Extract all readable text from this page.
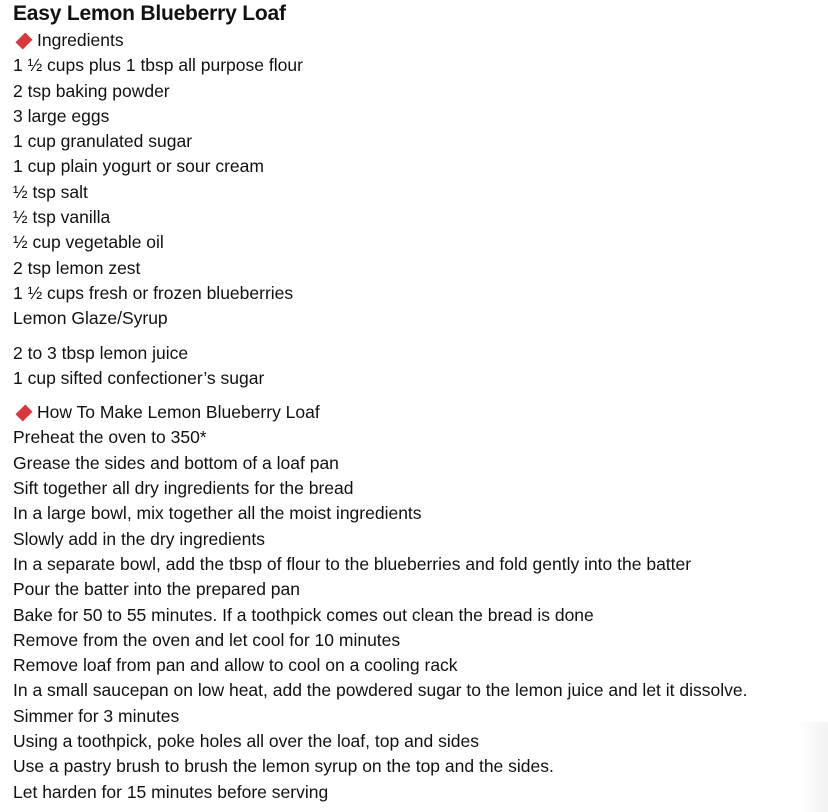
Easy Lemon Blueberry Loaf
Ingredients
1 ½ cups plus 1 tbsp all purpose flour
2 tsp baking powder
3 large eggs
1 cup granulated sugar
1 cup plain yogurt or sour cream
½ tsp salt
½ tsp vanilla
½ cup vegetable oil
2 tsp lemon zest
1 ½ cups fresh or frozen blueberries
Lemon Glaze/Syrup
2 to 3 tbsp lemon juice
1 cup sifted confectioner’s sugar
How To Make Lemon Blueberry Loaf
Preheat the oven to 350*
Grease the sides and bottom of a loaf pan
Sift together all dry ingredients for the bread
In a large bowl, mix together all the moist ingredients
Slowly add in the dry ingredients
In a separate bowl, add the tbsp of flour to the blueberries and fold gently into the batter
Pour the batter into the prepared pan
Bake for 50 to 55 minutes. If a toothpick comes out clean the bread is done
Remove from the oven and let cool for 10 minutes
Remove loaf from pan and allow to cool on a cooling rack
In a small saucepan on low heat, add the powdered sugar to the lemon juice and let it dissolve.
Simmer for 3 minutes
Using a toothpick, poke holes all over the loaf, top and sides
Use a pastry brush to brush the lemon syrup on the top and the sides.
Let harden for 15 minutes before serving
